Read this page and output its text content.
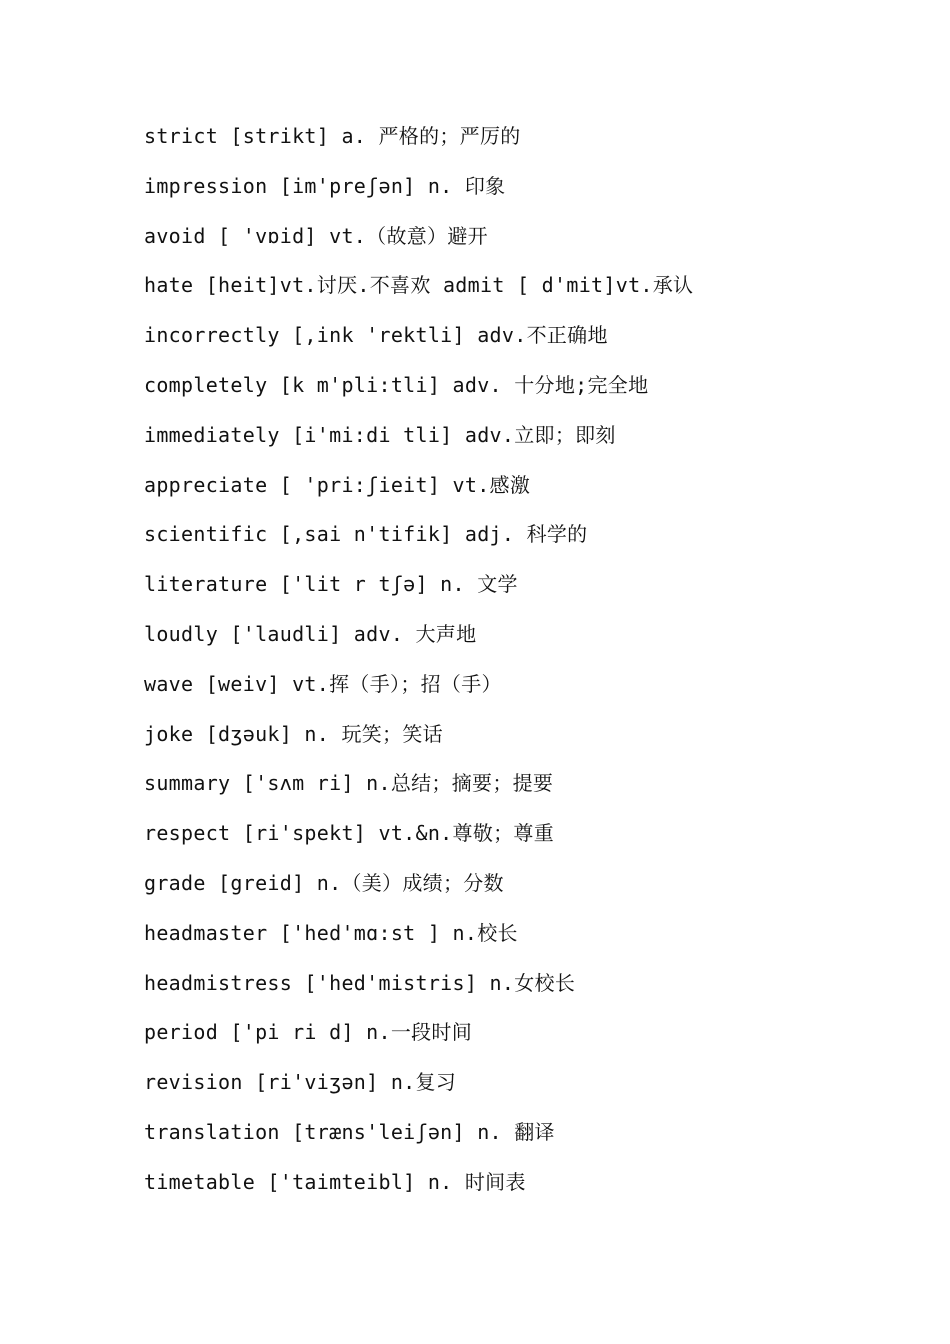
strict [strikt] a. 严格的；严厉的
impression [im'preʃən] n. 印象
avoid [ 'vɒid] vt.（故意）避开
hate [heit]vt.讨厌.不喜欢 admit [ d'mit]vt.承认
incorrectly [,ink 'rektli] adv.不正确地
completely [k m'pli:tli] adv. 十分地;完全地
immediately [i'mi:di tli] adv.立即；即刻
appreciate [ 'pri:ʃieit] vt.感激
scientific [,sai n'tifik] adj. 科学的
literature ['lit r tʃə] n. 文学
loudly ['laudli] adv. 大声地
wave [weiv] vt.挥（手）；招（手）
joke [dʒəuk] n. 玩笑；笑话
summary ['sʌm ri] n.总结；摘要；提要
respect [ri'spekt] vt.&n.尊敬；尊重
grade [greid] n.（美）成绩；分数
headmaster ['hed'mɑ:st ] n.校长
headmistress ['hed'mistris] n.女校长
period ['pi ri d] n.一段时间
revision [ri'viʒən] n.复习
translation [træns'leiʃən] n. 翻译
timetable ['taimteibl] n. 时间表
